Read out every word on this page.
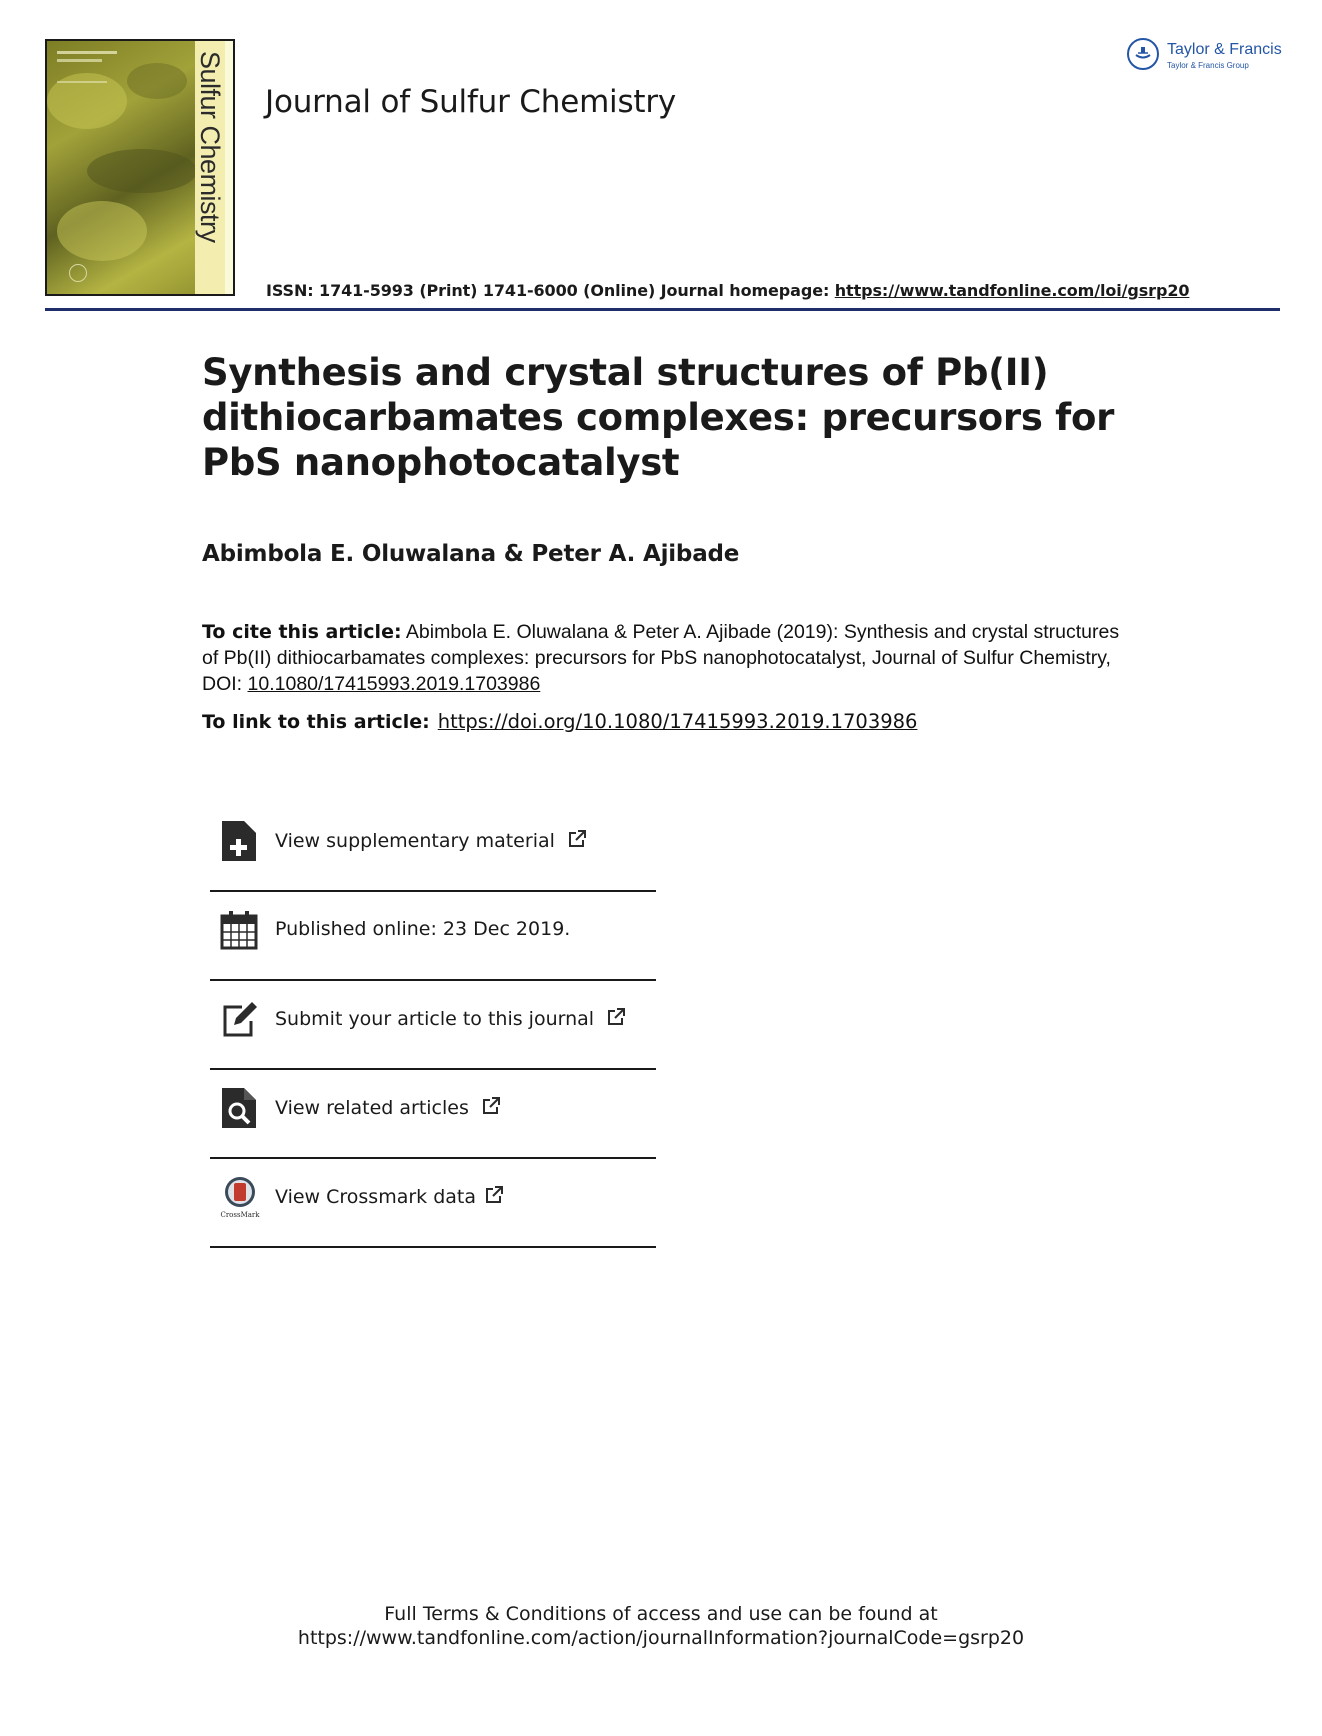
Sulfur Chemistry Journal of Sulfur Chemistry
Taylor & Francis
Taylor & Francis Group
ISSN: 1741-5993 (Print) 1741-6000 (Online) Journal homepage: https://www.tandfonline.com/loi/gsrp20
Synthesis and crystal structures of Pb(II) dithiocarbamates complexes: precursors for PbS nanophotocatalyst
Abimbola E. Oluwalana & Peter A. Ajibade
To cite this article: Abimbola E. Oluwalana & Peter A. Ajibade (2019): Synthesis and crystal structures of Pb(II) dithiocarbamates complexes: precursors for PbS nanophotocatalyst, Journal of Sulfur Chemistry, DOI: 10.1080/17415993.2019.1703986
To link to this article: https://doi.org/10.1080/17415993.2019.1703986
View supplementary material
Published online: 23 Dec 2019.
Submit your article to this journal
View related articles
CrossMark
View Crossmark data
Full Terms & Conditions of access and use can be found at
https://www.tandfonline.com/action/journalInformation?journalCode=gsrp20
